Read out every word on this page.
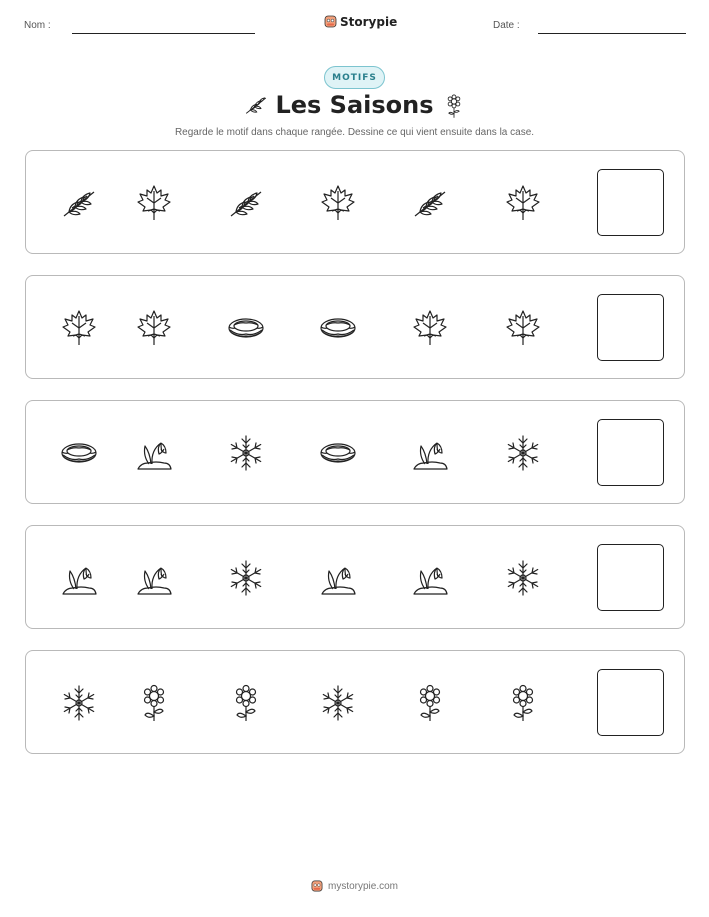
Nom :	Storypie	Date :
MOTIFS
Les Saisons
Regarde le motif dans chaque rangée. Dessine ce qui vient ensuite dans la case.
mystorypie.com
